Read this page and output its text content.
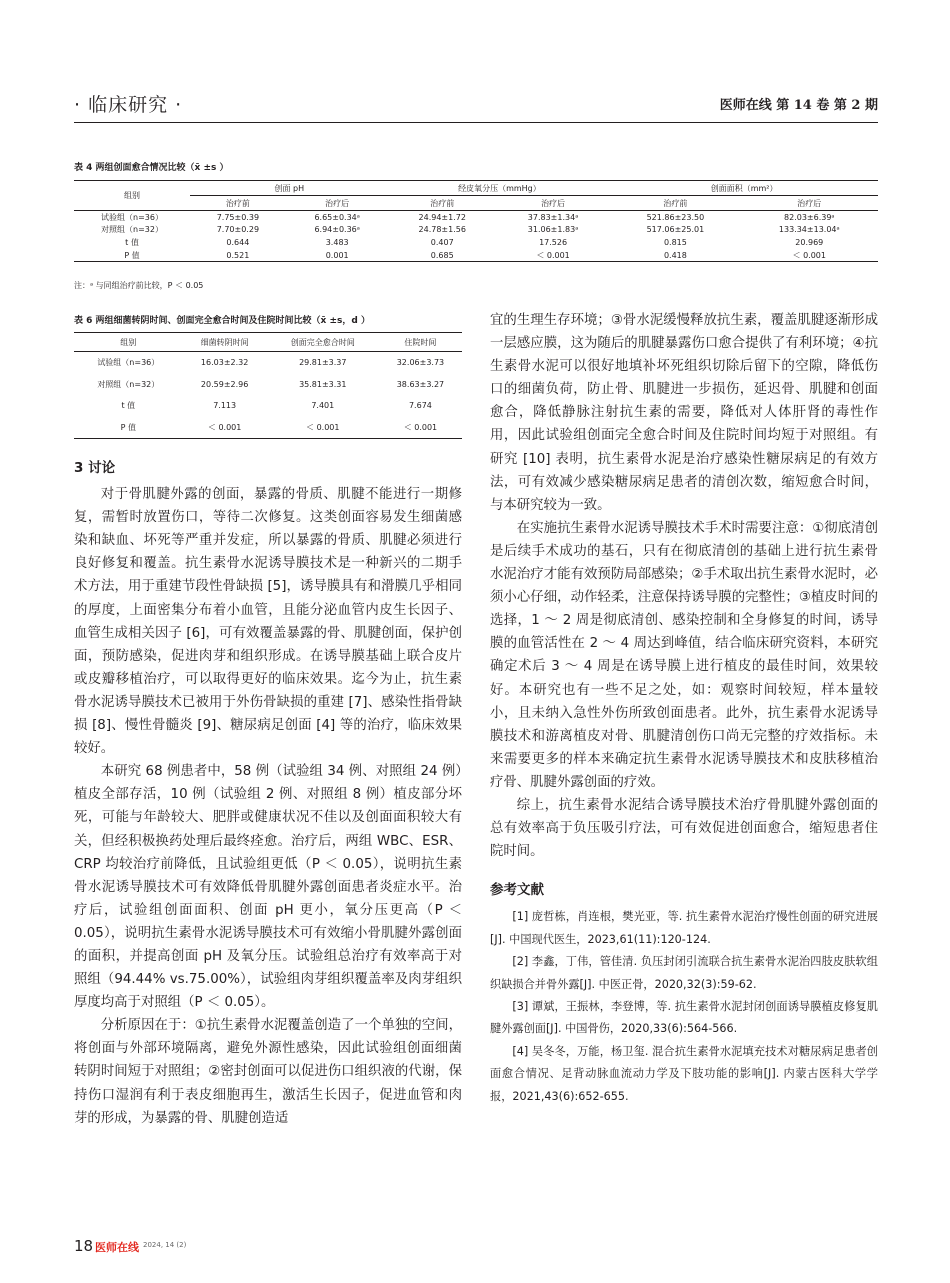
· 临床研究 ·	医师在线 第 14 卷 第 2 期
表 4 两组创面愈合情况比较（x̄ ±s ）
组别	创面 pH		经皮氧分压（mmHg）		创面面积（mm²）	
	治疗前	治疗后	治疗前	治疗后	治疗前	治疗后
试验组（n=36）	7.75±0.39	6.65±0.34ᵃ	24.94±1.72	37.83±1.34ᵃ	521.86±23.50	82.03±6.39ᵃ
对照组（n=32）	7.70±0.29	6.94±0.36ᵃ	24.78±1.56	31.06±1.83ᵃ	517.06±25.01	133.34±13.04ᵃ
t 值	0.644	3.483	0.407	17.526	0.815	20.969
P 值	0.521	0.001	0.685	＜ 0.001	0.418	＜ 0.001
注：ᵃ 与同组治疗前比较，P ＜ 0.05
表 6 两组细菌转阴时间、创面完全愈合时间及住院时间比较（x̄ ±s，d ）
组别	细菌转阴时间	创面完全愈合时间	住院时间
试验组（n=36）	16.03±2.32	29.81±3.37	32.06±3.73
对照组（n=32）	20.59±2.96	35.81±3.31	38.63±3.27
t 值	7.113	7.401	7.674
P 值	＜ 0.001	＜ 0.001	＜ 0.001

3 讨论

对于骨肌腱外露的创面，暴露的骨质、肌腱不能进行一期修复，需暂时放置伤口，等待二次修复。这类创面容易发生细菌感染和缺血、坏死等严重并发症，所以暴露的骨质、肌腱必须进行良好修复和覆盖。抗生素骨水泥诱导膜技术是一种新兴的二期手术方法，用于重建节段性骨缺损 [5]，诱导膜具有和滑膜几乎相同的厚度，上面密集分布着小血管，且能分泌血管内皮生长因子、血管生成相关因子 [6]，可有效覆盖暴露的骨、肌腱创面，保护创面，预防感染，促进肉芽和组织形成。在诱导膜基础上联合皮片或皮瓣移植治疗，可以取得更好的临床效果。迄今为止，抗生素骨水泥诱导膜技术已被用于外伤骨缺损的重建 [7]、感染性指骨缺损 [8]、慢性骨髓炎 [9]、糖尿病足创面 [4] 等的治疗，临床效果较好。

本研究 68 例患者中，58 例（试验组 34 例、对照组 24 例）植皮全部存活，10 例（试验组 2 例、对照组 8 例）植皮部分坏死，可能与年龄较大、肥胖或健康状况不佳以及创面面积较大有关，但经积极换药处理后最终痊愈。治疗后，两组 WBC、ESR、CRP 均较治疗前降低，且试验组更低（P ＜ 0.05），说明抗生素骨水泥诱导膜技术可有效降低骨肌腱外露创面患者炎症水平。治疗后，试验组创面面积、创面 pH 更小，氧分压更高（P ＜ 0.05），说明抗生素骨水泥诱导膜技术可有效缩小骨肌腱外露创面的面积，并提高创面 pH 及氧分压。试验组总治疗有效率高于对照组（94.44% vs.75.00%），试验组肉芽组织覆盖率及肉芽组织厚度均高于对照组（P ＜ 0.05）。

分析原因在于：①抗生素骨水泥覆盖创造了一个单独的空间，将创面与外部环境隔离，避免外源性感染，因此试验组创面细菌转阴时间短于对照组；②密封创面可以促进伤口组织液的代谢，保持伤口湿润有利于表皮细胞再生，激活生长因子，促进血管和肉芽的形成，为暴露的骨、肌腱创造适

宜的生理生存环境；③骨水泥缓慢释放抗生素，覆盖肌腱逐渐形成一层感应膜，这为随后的肌腱暴露伤口愈合提供了有利环境；④抗生素骨水泥可以很好地填补坏死组织切除后留下的空隙，降低伤口的细菌负荷，防止骨、肌腱进一步损伤，延迟骨、肌腱和创面愈合，降低静脉注射抗生素的需要，降低对人体肝肾的毒性作用，因此试验组创面完全愈合时间及住院时间均短于对照组。有研究 [10] 表明，抗生素骨水泥是治疗感染性糖尿病足的有效方法，可有效减少感染糖尿病足患者的清创次数，缩短愈合时间，与本研究较为一致。

在实施抗生素骨水泥诱导膜技术手术时需要注意：①彻底清创是后续手术成功的基石，只有在彻底清创的基础上进行抗生素骨水泥治疗才能有效预防局部感染；②手术取出抗生素骨水泥时，必须小心仔细，动作轻柔，注意保持诱导膜的完整性；③植皮时间的选择，1 ～ 2 周是彻底清创、感染控制和全身修复的时间，诱导膜的血管活性在 2 ～ 4 周达到峰值，结合临床研究资料，本研究确定术后 3 ～ 4 周是在诱导膜上进行植皮的最佳时间，效果较好。本研究也有一些不足之处，如：观察时间较短，样本量较小，且未纳入急性外伤所致创面患者。此外，抗生素骨水泥诱导膜技术和游离植皮对骨、肌腱清创伤口尚无完整的疗效指标。未来需要更多的样本来确定抗生素骨水泥诱导膜技术和皮肤移植治疗骨、肌腱外露创面的疗效。

综上，抗生素骨水泥结合诱导膜技术治疗骨肌腱外露创面的总有效率高于负压吸引疗法，可有效促进创面愈合，缩短患者住院时间。

参考文献

[1] 庞哲栋，肖连根，樊光亚，等. 抗生素骨水泥治疗慢性创面的研究进展[J]. 中国现代医生，2023,61(11):120-124.

[2] 李鑫，丁伟，管佳清. 负压封闭引流联合抗生素骨水泥治四肢皮肤软组织缺损合并骨外露[J]. 中医正骨，2020,32(3):59-62.

[3] 谭斌，王振林，李登博，等. 抗生素骨水泥封闭创面诱导膜植皮修复肌腱外露创面[J]. 中国骨伤，2020,33(6):564-566.

[4] 吴冬冬，万能，杨卫玺. 混合抗生素骨水泥填充技术对糖尿病足患者创面愈合情况、足背动脉血流动力学及下肢功能的影响[J]. 内蒙古医科大学学报，2021,43(6):652-655.

18 医师在线 2024, 14 (2)
